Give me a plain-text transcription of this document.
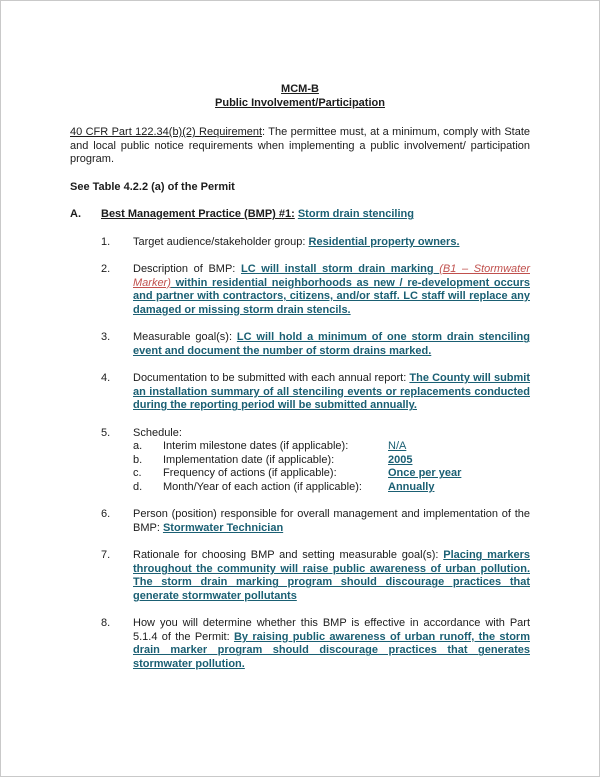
MCM-B
Public Involvement/Participation

40 CFR Part 122.34(b)(2) Requirement: The permittee must, at a minimum, comply with State and local public notice requirements when implementing a public involvement/ participation program.

See Table 4.2.2 (a) of the Permit

A.	Best Management Practice (BMP) #1: Storm drain stenciling
1.	Target audience/stakeholder group: Residential property owners.
2.	Description of BMP: LC will install storm drain marking (B1 – Stormwater Marker) within residential neighborhoods as new / re-development occurs and partner with contractors, citizens, and/or staff. LC staff will replace any damaged or missing storm drain stencils.
3.	Measurable goal(s): LC will hold a minimum of one storm drain stenciling event and document the number of storm drains marked.
4.	Documentation to be submitted with each annual report: The County will submit an installation summary of all stenciling events or replacements conducted during the reporting period will be submitted annually.
5.	Schedule:
a.	Interim milestone dates (if applicable):	N/A
b.	Implementation date (if applicable):	2005
c.	Frequency of actions (if applicable):	Once per year
d.	Month/Year of each action (if applicable):	Annually
6.	Person (position) responsible for overall management and implementation of the BMP: Stormwater Technician
7.	Rationale for choosing BMP and setting measurable goal(s): Placing markers throughout the community will raise public awareness of urban pollution. The storm drain marking program should discourage practices that generate stormwater pollutants
8.	How you will determine whether this BMP is effective in accordance with Part 5.1.4 of the Permit: By raising public awareness of urban runoff, the storm drain marker program should discourage practices that generates stormwater pollution.
